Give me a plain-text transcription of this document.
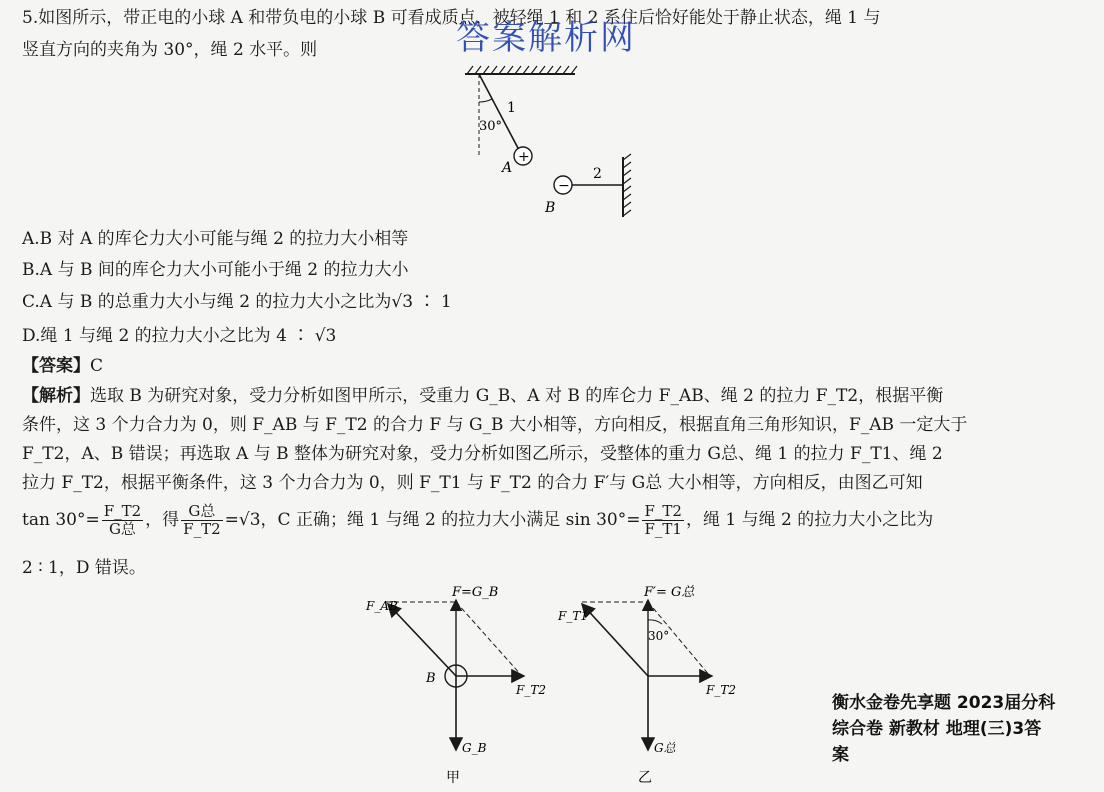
5.如图所示，带正电的小球 A 和带负电的小球 B 可看成质点，被轻绳 1 和 2 系住后恰好能处于静止状态，绳 1 与
竖直方向的夹角为 30°，绳 2 水平。则	答案解析网
30°
1
+
A
−
B
2
A.B 对 A 的库仑力大小可能与绳 2 的拉力大小相等
B.A 与 B 间的库仑力大小可能小于绳 2 的拉力大小
C.A 与 B 的总重力大小与绳 2 的拉力大小之比为√3 ∶ 1
D.绳 1 与绳 2 的拉力大小之比为 4 ∶ √3
【答案】C
【解析】选取 B 为研究对象，受力分析如图甲所示，受重力 G_B、A 对 B 的库仑力 F_AB、绳 2 的拉力 F_T2，根据平衡
条件，这 3 个力合力为 0，则 F_AB 与 F_T2 的合力 F 与 G_B 大小相等，方向相反，根据直角三角形知识，F_AB 一定大于
F_T2，A、B 错误；再选取 A 与 B 整体为研究对象，受力分析如图乙所示，受整体的重力 G总、绳 1 的拉力 F_T1、绳 2
拉力 F_T2，根据平衡条件，这 3 个力合力为 0，则 F_T1 与 F_T2 的合力 F′与 G总 大小相等，方向相反，由图乙可知
$\tan 30^\circ= \frac{F\_T2}{\text{G总}}$ ，得 $\frac{\text{G总}}{F\_T2} =√3$，C 正确；绳 1 与绳 2 的拉力大小满足 $\sin 30^\circ= \frac{F\_T2}{F\_T1}$ ，绳 1 与绳 2 的拉力大小之比为
2 ∶ 1，D 错误。
F=G_B
F_AB
F_T2
G_B
B
甲
30°
F′= G总
F_T1
F_T2
G总
乙
衡水金卷先享题 2023届分科
综合卷 新教材 地理(三)3答
案
